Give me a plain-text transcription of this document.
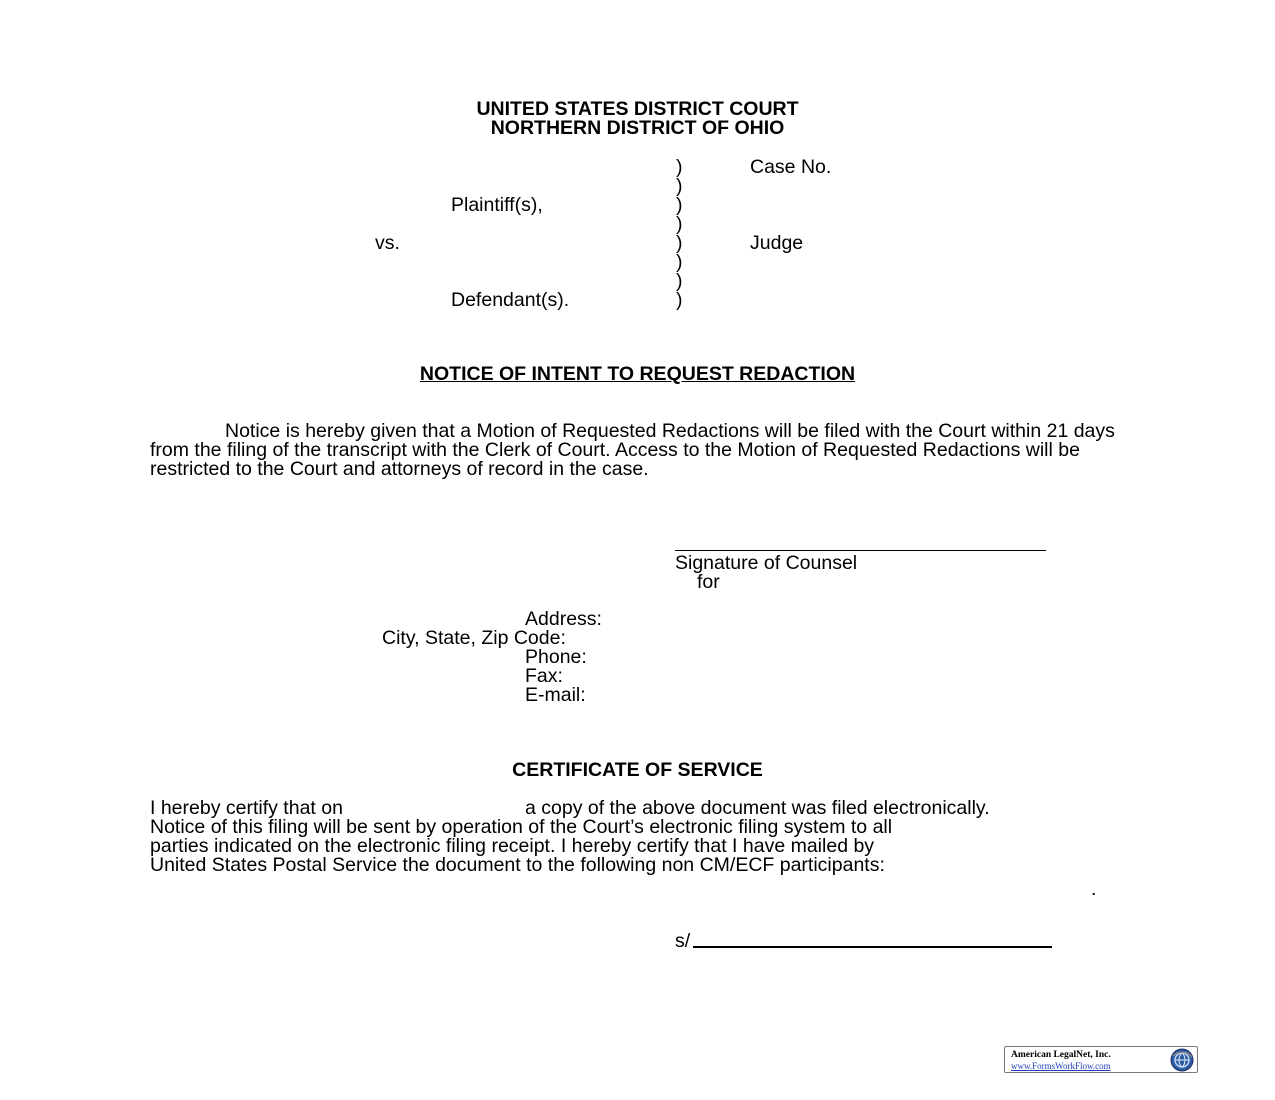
UNITED STATES DISTRICT COURT

NORTHERN DISTRICT OF OHIO

)

)

)

)

)

)

)

)

Case No.

Plaintiff(s),

vs.	Judge

Defendant(s).

NOTICE OF INTENT TO REQUEST REDACTION

Notice is hereby given that a Motion of Requested Redactions will be filed with the Court within 21 days from the filing of the transcript with the Clerk of Court. Access to the Motion of Requested Redactions will be restricted to the Court and attorneys of record in the case.

Signature of Counsel

for

Address:

City, State, Zip Code:

Phone:

Fax:

E-mail:

CERTIFICATE OF SERVICE

I hereby certify that on	a copy of the above document was filed electronically.

Notice of this filing will be sent by operation of the Court’s electronic filing system to all

parties indicated on the electronic filing receipt. I hereby certify that I have mailed by

United States Postal Service the document to the following non CM/ECF participants:

.

s/

American LegalNet, Inc.
www.FormsWorkFlow.com
